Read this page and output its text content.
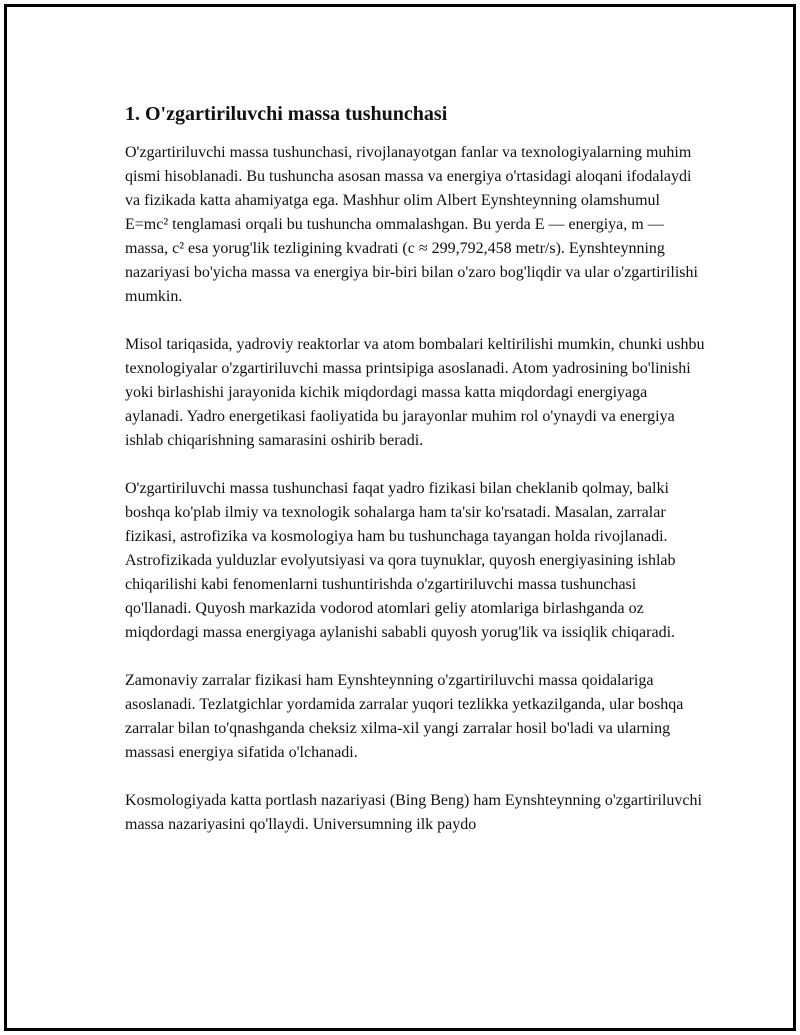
1. O'zgartiriluvchi massa tushunchasi

O'zgartiriluvchi massa tushunchasi, rivojlanayotgan fanlar va texnologiyalarning muhim qismi hisoblanadi. Bu tushuncha asosan massa va energiya o'rtasidagi aloqani ifodalaydi va fizikada katta ahamiyatga ega. Mashhur olim Albert Eynshteynning olamshumul E=mc² tenglamasi orqali bu tushuncha ommalashgan. Bu yerda E — energiya, m — massa, c² esa yorug'lik tezligining kvadrati (c ≈ 299,792,458 metr/s). Eynshteynning nazariyasi bo'yicha massa va energiya bir-biri bilan o'zaro bog'liqdir va ular o'zgartirilishi mumkin.

Misol tariqasida, yadroviy reaktorlar va atom bombalari keltirilishi mumkin, chunki ushbu texnologiyalar o'zgartiriluvchi massa printsipiga asoslanadi. Atom yadrosining bo'linishi yoki birlashishi jarayonida kichik miqdordagi massa katta miqdordagi energiyaga aylanadi. Yadro energetikasi faoliyatida bu jarayonlar muhim rol o'ynaydi va energiya ishlab chiqarishning samarasini oshirib beradi.

O'zgartiriluvchi massa tushunchasi faqat yadro fizikasi bilan cheklanib qolmay, balki boshqa ko'plab ilmiy va texnologik sohalarga ham ta'sir ko'rsatadi. Masalan, zarralar fizikasi, astrofizika va kosmologiya ham bu tushunchaga tayangan holda rivojlanadi. Astrofizikada yulduzlar evolyutsiyasi va qora tuynuklar, quyosh energiyasining ishlab chiqarilishi kabi fenomenlarni tushuntirishda o'zgartiriluvchi massa tushunchasi qo'llanadi. Quyosh markazida vodorod atomlari geliy atomlariga birlashganda oz miqdordagi massa energiyaga aylanishi sababli quyosh yorug'lik va issiqlik chiqaradi.

Zamonaviy zarralar fizikasi ham Eynshteynning o'zgartiriluvchi massa qoidalariga asoslanadi. Tezlatgichlar yordamida zarralar yuqori tezlikka yetkazilganda, ular boshqa zarralar bilan to'qnashganda cheksiz xilma-xil yangi zarralar hosil bo'ladi va ularning massasi energiya sifatida o'lchanadi.

Kosmologiyada katta portlash nazariyasi (Bing Beng) ham Eynshteynning o'zgartiriluvchi massa nazariyasini qo'llaydi. Universumning ilk paydo
